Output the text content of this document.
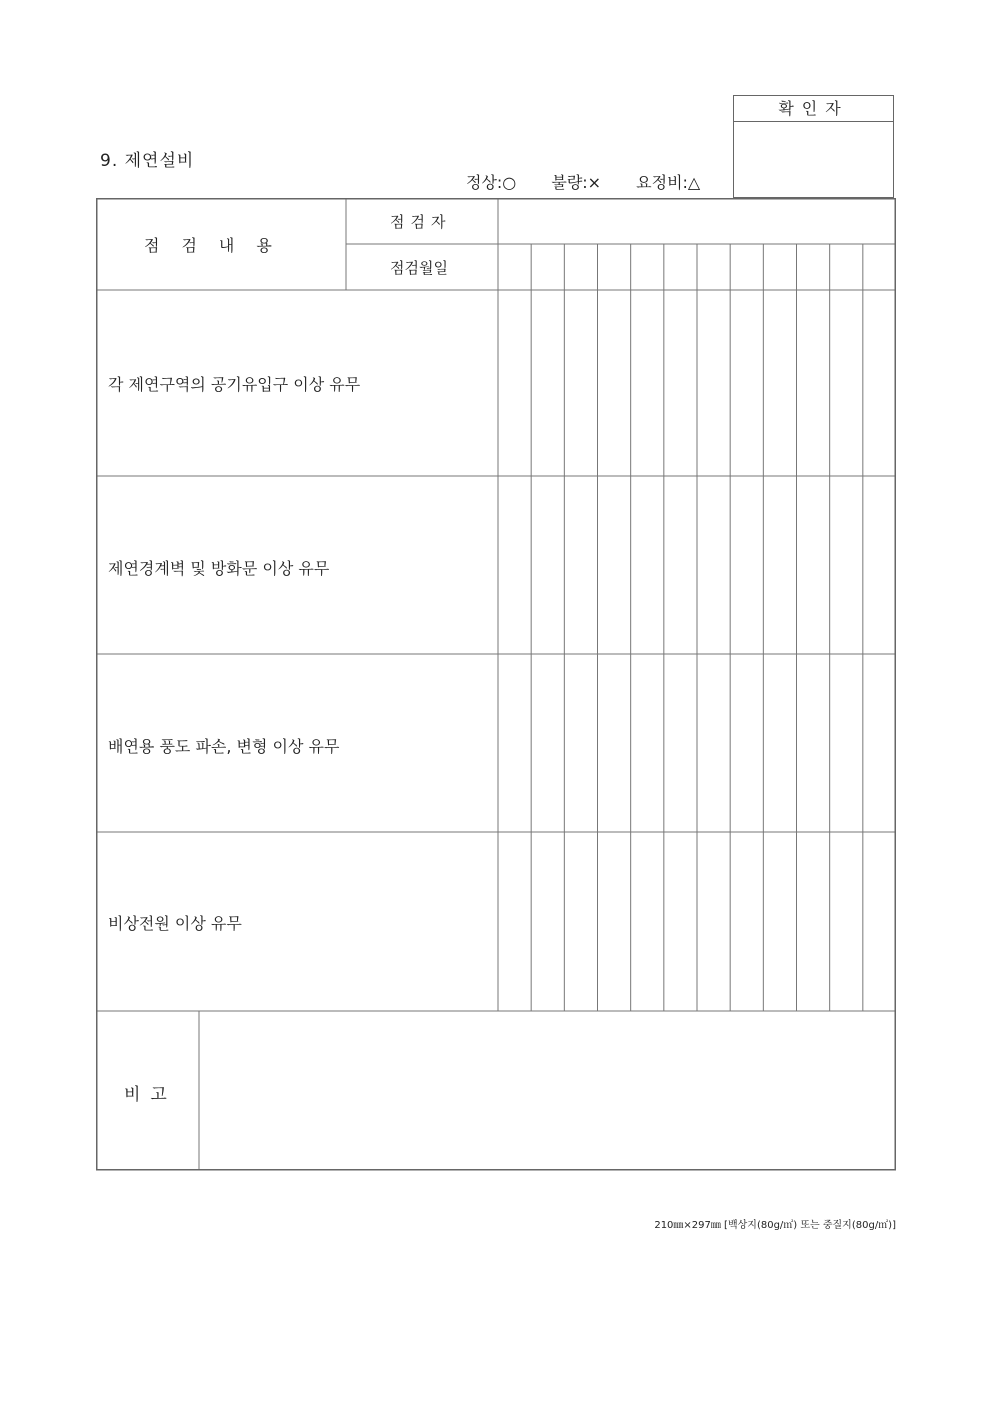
9. 제연설비
정상:○ 불량:× 요정비:△
확인자
점검내용
점검자
점검월일
각 제연구역의 공기유입구 이상 유무
제연경계벽 및 방화문 이상 유무
배연용 풍도 파손, 변형 이상 유무
비상전원 이상 유무
비고
210㎜×297㎜ [백상지(80g/㎡) 또는 중질지(80g/㎡)]
